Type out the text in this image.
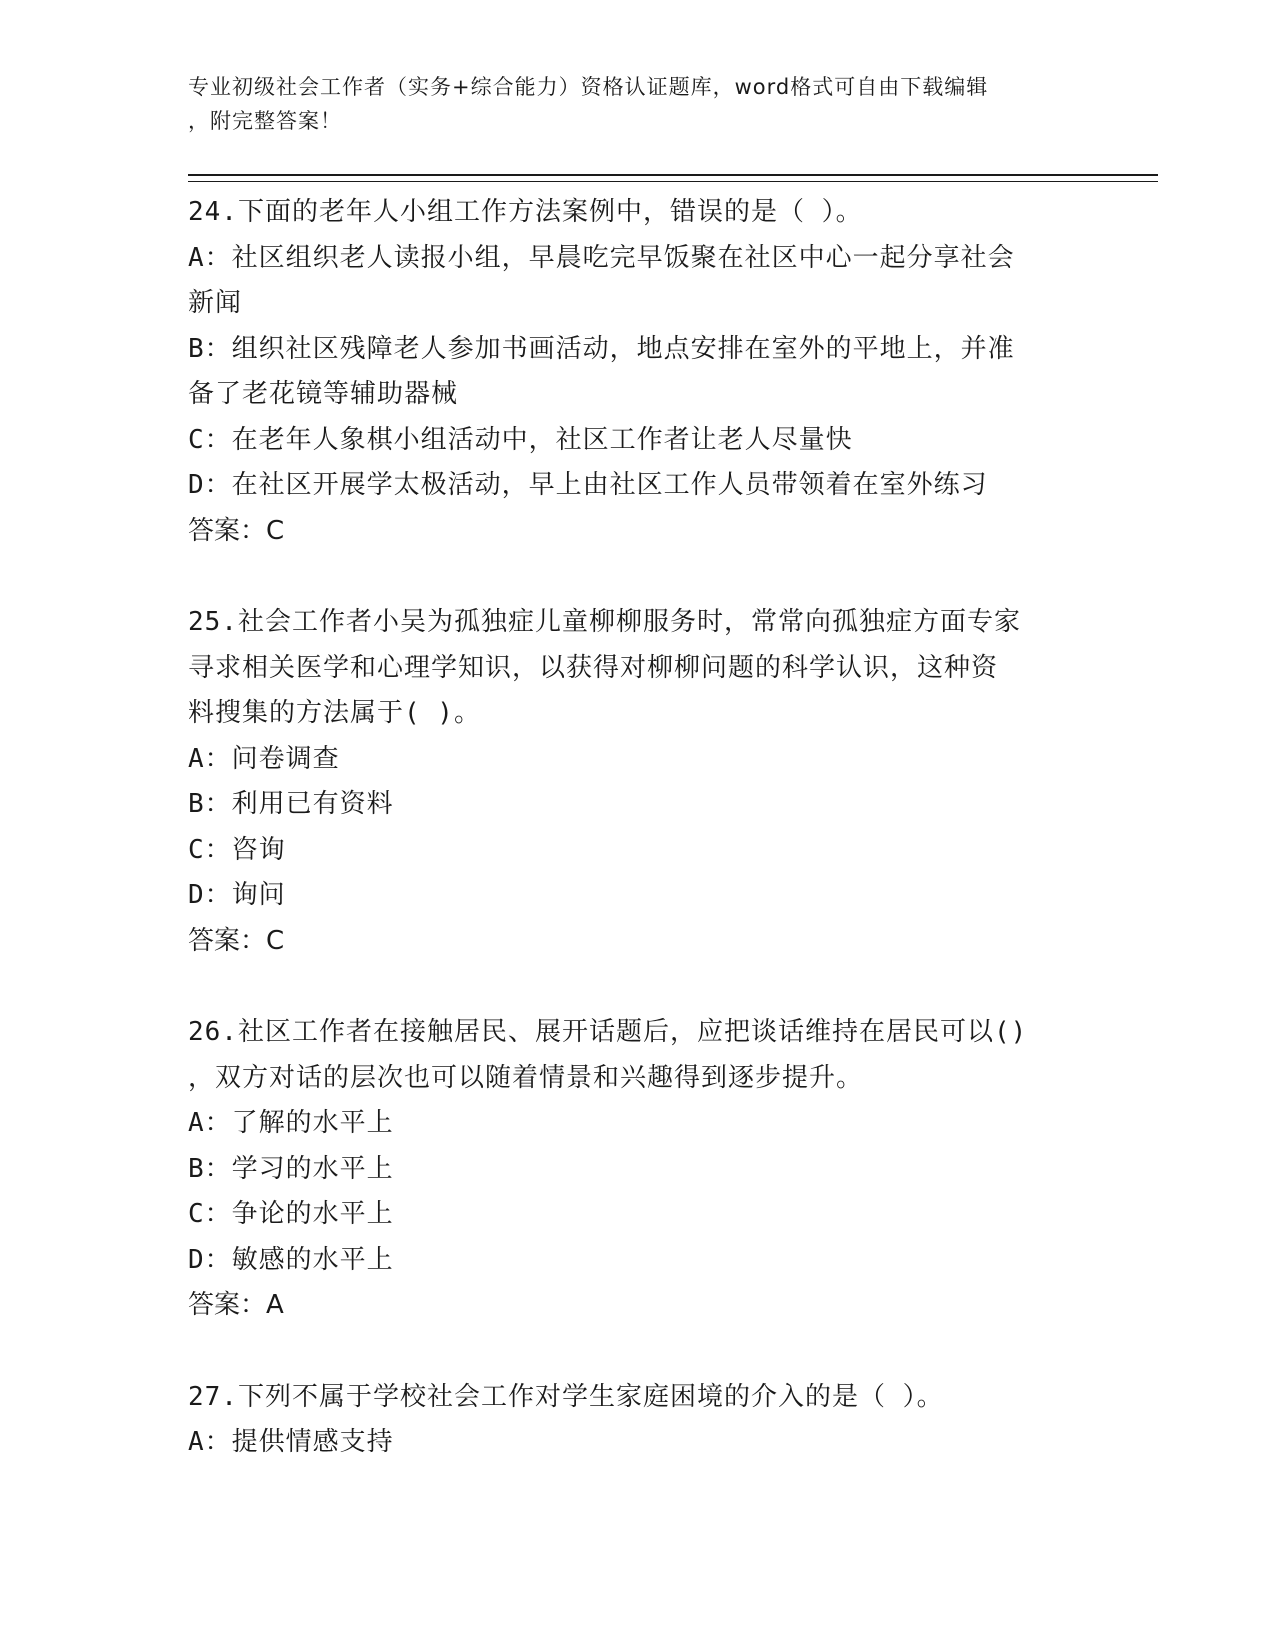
专业初级社会工作者（实务+综合能力）资格认证题库，word格式可自由下载编辑
，附完整答案！
24.下面的老年人小组工作方法案例中，错误的是（ ）。
A：社区组织老人读报小组，早晨吃完早饭聚在社区中心一起分享社会
新闻
B：组织社区残障老人参加书画活动，地点安排在室外的平地上，并准
备了老花镜等辅助器械
C：在老年人象棋小组活动中，社区工作者让老人尽量快
D：在社区开展学太极活动，早上由社区工作人员带领着在室外练习
答案：C
25.社会工作者小吴为孤独症儿童柳柳服务时，常常向孤独症方面专家
寻求相关医学和心理学知识，以获得对柳柳问题的科学认识，这种资
料搜集的方法属于( )。
A：问卷调查
B：利用已有资料
C：咨询
D：询问
答案：C
26.社区工作者在接触居民、展开话题后，应把谈话维持在居民可以()
，双方对话的层次也可以随着情景和兴趣得到逐步提升。
A：了解的水平上
B：学习的水平上
C：争论的水平上
D：敏感的水平上
答案：A
27.下列不属于学校社会工作对学生家庭困境的介入的是（ ）。
A：提供情感支持
